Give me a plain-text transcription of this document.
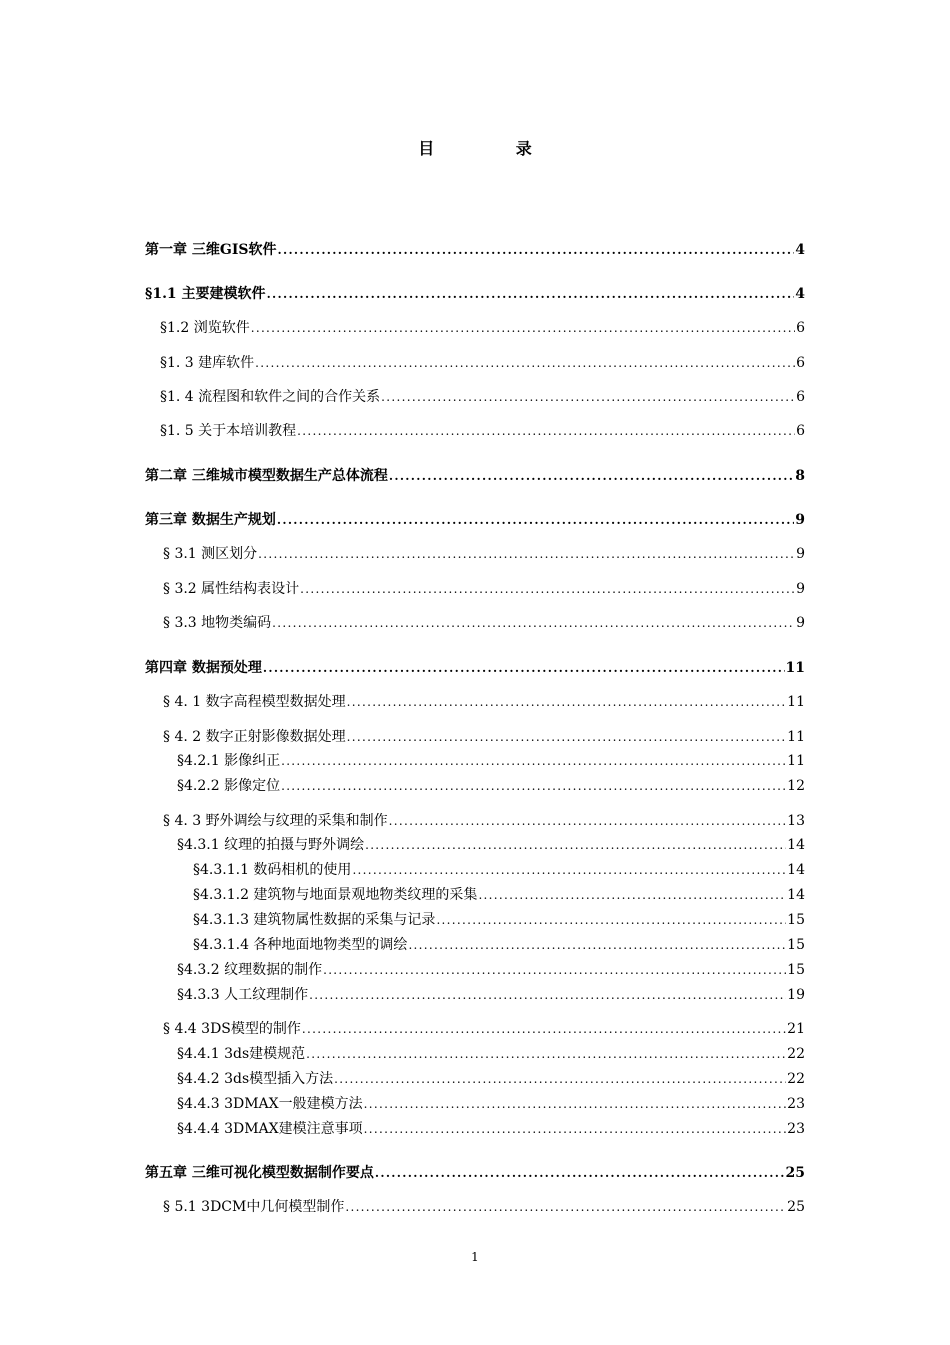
目 录
第一章 三维GIS软件 .....	4
§1.1 主要建模软件 .....	4
§1.2 浏览软件 .....	6
§1. 3 建库软件 .....	6
§1. 4 流程图和软件之间的合作关系 .....	6
§1. 5 关于本培训教程 .....	6
第二章 三维城市模型数据生产总体流程 .....	8
第三章 数据生产规划 .....	9
§ 3.1 测区划分 .....	9
§ 3.2 属性结构表设计 .....	9
§ 3.3 地物类编码 .....	9
第四章 数据预处理 .....	11
§ 4. 1 数字高程模型数据处理 .....	11
§ 4. 2 数字正射影像数据处理 .....	11
§4.2.1 影像纠正 .....	11
§4.2.2 影像定位 .....	12
§ 4. 3 野外调绘与纹理的采集和制作 .....	13
§4.3.1 纹理的拍摄与野外调绘 .....	14
§4.3.1.1 数码相机的使用 .....	14
§4.3.1.2 建筑物与地面景观地物类纹理的采集 .....	14
§4.3.1.3 建筑物属性数据的采集与记录 .....	15
§4.3.1.4 各种地面地物类型的调绘 .....	15
§4.3.2 纹理数据的制作 .....	15
§4.3.3 人工纹理制作 .....	19
§ 4.4 3DS模型的制作 .....	21
§4.4.1 3ds建模规范 .....	22
§4.4.2 3ds模型插入方法 .....	22
§4.4.3 3DMAX一般建模方法 .....	23
§4.4.4 3DMAX建模注意事项 .....	23
第五章 三维可视化模型数据制作要点 .....	25
§ 5.1 3DCM中几何模型制作 .....	25
1
